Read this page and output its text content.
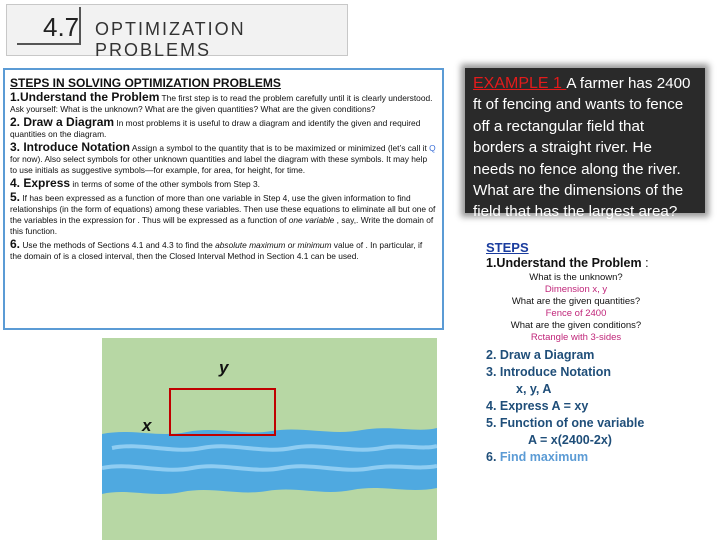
4.7 OPTIMIZATION PROBLEMS
STEPS IN SOLVING OPTIMIZATION PROBLEMS

1.Understand the Problem The first step is to read the problem carefully until it is clearly understood. Ask yourself: What is the unknown? What are the given quantities? What are the given conditions?

2. Draw a Diagram In most problems it is useful to draw a diagram and identify the given and required quantities on the diagram.

3. Introduce Notation Assign a symbol to the quantity that is to be maximized or minimized (let’s call it Q for now). Also select symbols for other unknown quantities and label the diagram with these symbols. It may help to use initials as suggestive symbols—for example, for area, for height, for time.

4. Express in terms of some of the other symbols from Step 3.

5. If has been expressed as a function of more than one variable in Step 4, use the given information to find relationships (in the form of equations) among these variables. Then use these equations to eliminate all but one of the variables in the expression for . Thus will be expressed as a function of one variable , say,. Write the domain of this function.

6. Use the methods of Sections 4.1 and 4.3 to find the absolute maximum or minimum value of . In particular, if the domain of is a closed interval, then the Closed Interval Method in Section 4.1 can be used.

y
x
EXAMPLE 1 A farmer has 2400 ft of fencing and wants to fence off a rectangular field that borders a straight river. He needs no fence along the river. What are the dimensions of the field that has the largest area?
STEPS
1.Understand the Problem :
What is the unknown?
Dimension x, y
What are the given quantities?
Fence of 2400
What are the given conditions?
Rctangle with 3-sides
2. Draw a Diagram
3. Introduce Notation
x, y, A
4. Express A = xy
5. Function of one variable
A = x(2400-2x)
6. Find maximum
